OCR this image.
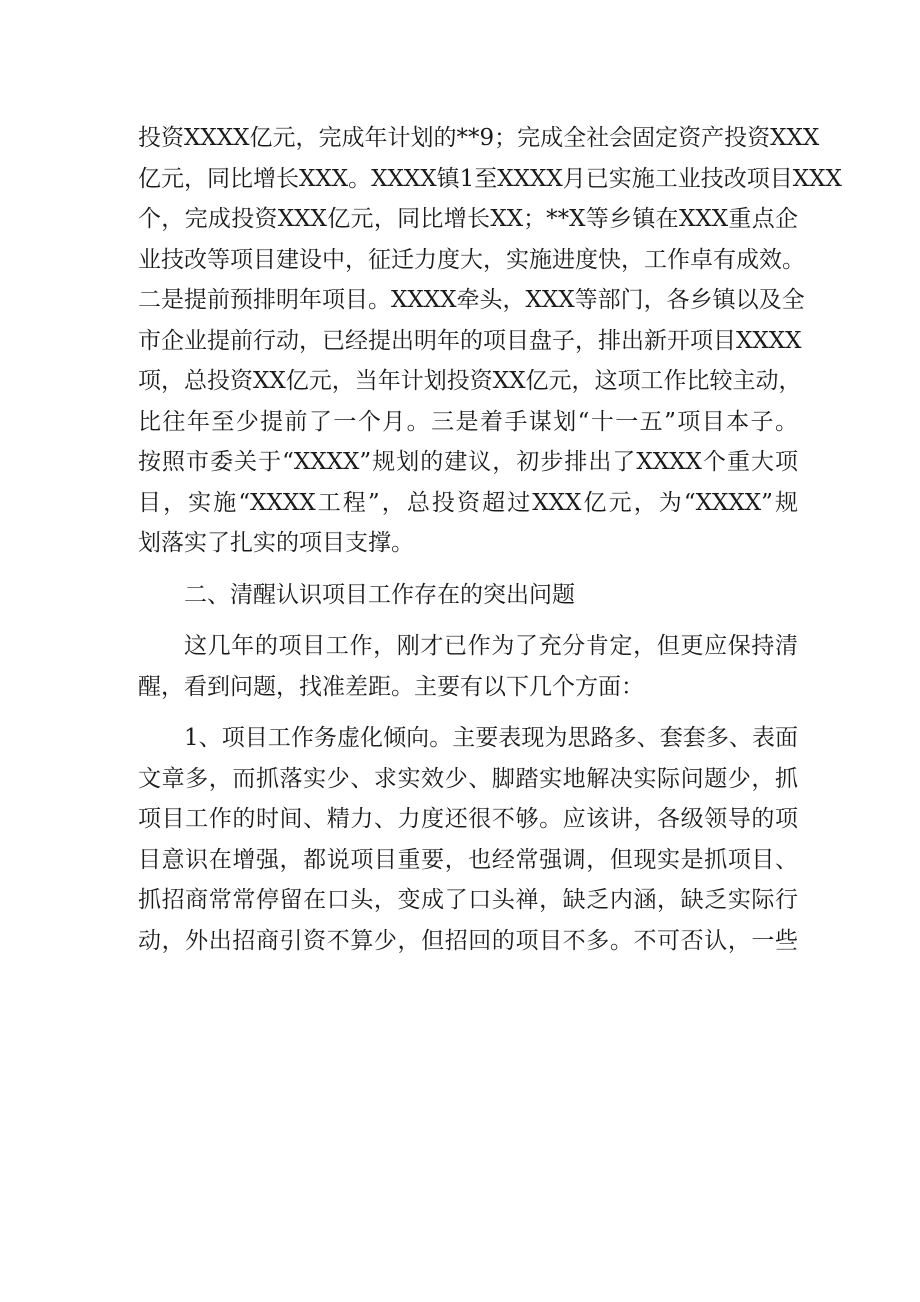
投资XXXX亿元，完成年计划的**9；完成全社会固定资产投资XXX
亿元，同比增长XXX。XXXX镇1至XXXX月已实施工业技改项目XXX
个，完成投资XXX亿元，同比增长XX；**X等乡镇在XXX重点企
业技改等项目建设中，征迁力度大，实施进度快，工作卓有成效。
二是提前预排明年项目。XXXX牵头，XXX等部门，各乡镇以及全
市企业提前行动，已经提出明年的项目盘子，排出新开项目XXXX
项，总投资XX亿元，当年计划投资XX亿元，这项工作比较主动，
比往年至少提前了一个月。三是着手谋划“十一五”项目本子。
按照市委关于“XXXX”规划的建议，初步排出了XXXX个重大项
目，实施“XXXX工程”，总投资超过XXX亿元，为“XXXX”规
划落实了扎实的项目支撑。
二、清醒认识项目工作存在的突出问题
这几年的项目工作，刚才已作为了充分肯定，但更应保持清
醒，看到问题，找准差距。主要有以下几个方面：
1、项目工作务虚化倾向。主要表现为思路多、套套多、表面
文章多，而抓落实少、求实效少、脚踏实地解决实际问题少，抓
项目工作的时间、精力、力度还很不够。应该讲，各级领导的项
目意识在增强，都说项目重要，也经常强调，但现实是抓项目、
抓招商常常停留在口头，变成了口头禅，缺乏内涵，缺乏实际行
动，外出招商引资不算少，但招回的项目不多。不可否认，一些
